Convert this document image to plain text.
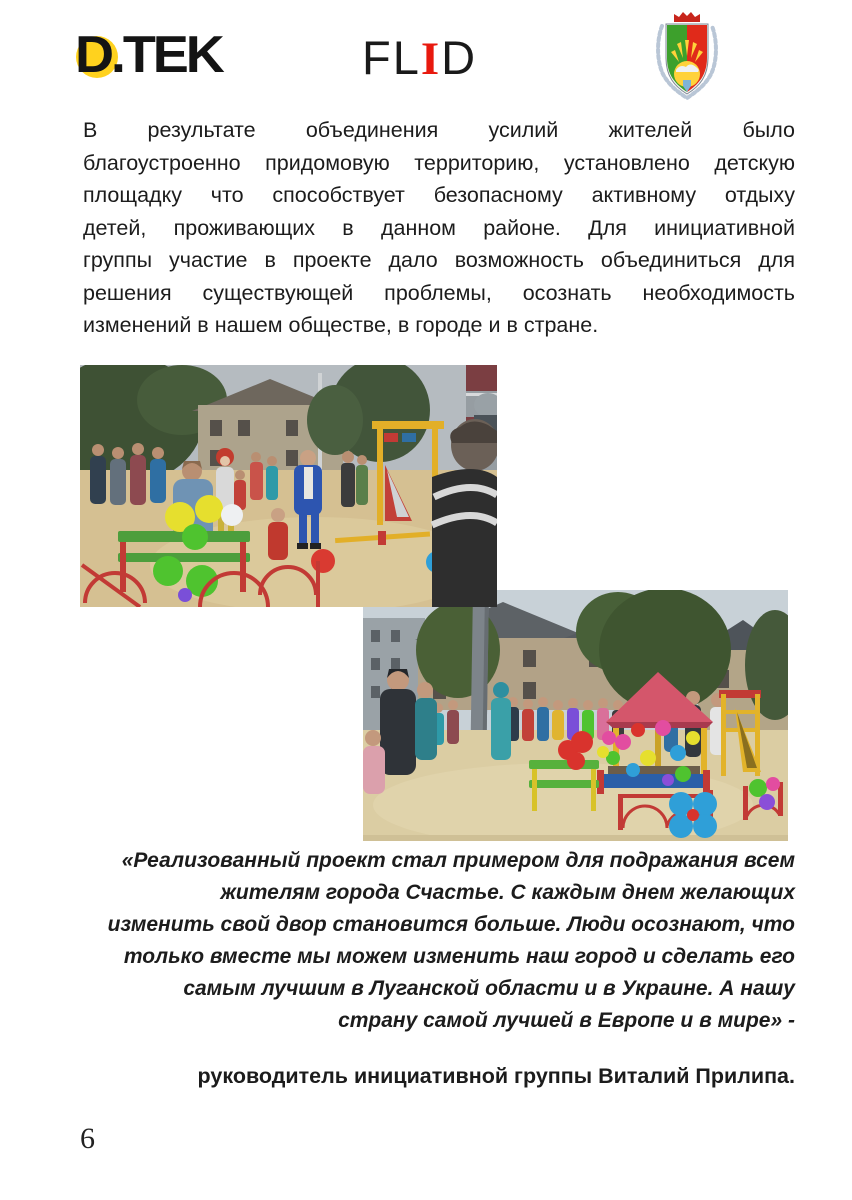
D.TEK	FLID
В результате объединения усилий жителей было
благоустроенно придомовую территорию, установлено детскую
площадку что способствует безопасному активному отдыху
детей, проживающих в данном районе. Для инициативной
группы участие в проекте дало возможность объединиться для
решения существующей проблемы, осознать необходимость
изменений в нашем обществе, в городе и в стране.
«Реализованный проект стал примером для подражания всем
жителям города Счастье. С каждым днем желающих
изменить свой двор становится больше. Люди осознают, что
только вместе мы можем изменить наш город и сделать его
самым лучшим в Луганской области и в Украине. А нашу
страну самой лучшей в Европе и в мире» -
руководитель инициативной группы Виталий Прилипа.
6
